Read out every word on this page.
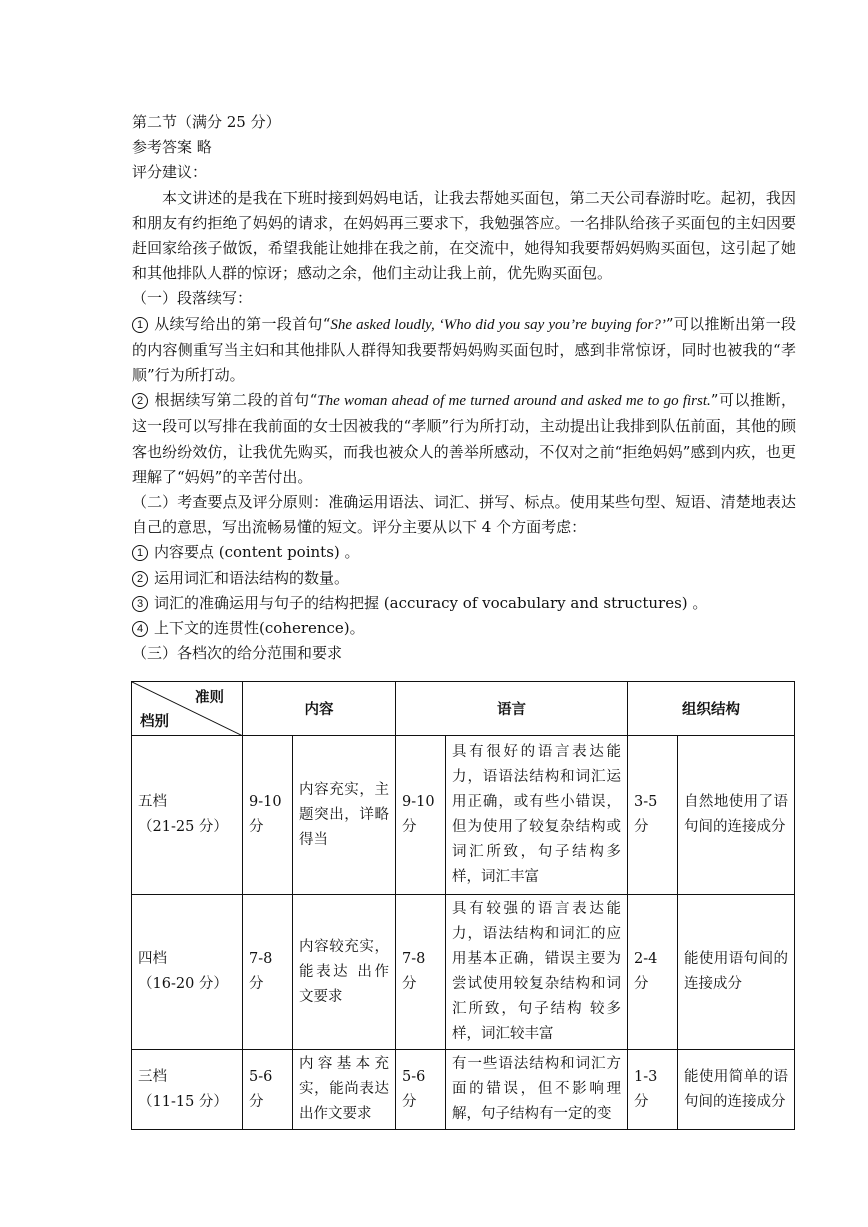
第二节（满分 25 分）

参考答案 略

评分建议：

本文讲述的是我在下班时接到妈妈电话，让我去帮她买面包，第二天公司春游时吃。起初，我因和朋友有约拒绝了妈妈的请求，在妈妈再三要求下，我勉强答应。一名排队给孩子买面包的主妇因要赶回家给孩子做饭，希望我能让她排在我之前，在交流中，她得知我要帮妈妈购买面包，这引起了她和其他排队人群的惊讶；感动之余，他们主动让我上前，优先购买面包。

（一）段落续写：

1 从续写给出的第一段首句“She asked loudly, ‘Who did you say you’re buying for?’”可以推断出第一段的内容侧重写当主妇和其他排队人群得知我要帮妈妈购买面包时，感到非常惊讶，同时也被我的“孝顺”行为所打动。

2 根据续写第二段的首句“The woman ahead of me turned around and asked me to go first.”可以推断，这一段可以写排在我前面的女士因被我的“孝顺”行为所打动，主动提出让我排到队伍前面，其他的顾客也纷纷效仿，让我优先购买，而我也被众人的善举所感动，不仅对之前“拒绝妈妈”感到内疚，也更理解了“妈妈”的辛苦付出。

（二）考查要点及评分原则：准确运用语法、词汇、拼写、标点。使用某些句型、短语、清楚地表达自己的意思，写出流畅易懂的短文。评分主要从以下 4 个方面考虑：

1 内容要点 (content points) 。

2 运用词汇和语法结构的数量。

3 词汇的准确运用与句子的结构把握 (accuracy of vocabulary and structures) 。

4 上下文的连贯性(coherence)。

（三）各档次的给分范围和要求

准则
档别	内容		语言		组织结构	
五档
（21-25 分）	9-10 分	内容充实，主题突出，详略得当	9-10 分	具有很好的语言表达能力，语语法结构和词汇运用正确，或有些小错误，但为使用了较复杂结构或词汇所致，句子结构多样，词汇丰富	3-5 分	自然地使用了语句间的连接成分
四档
（16-20 分）	7-8 分	内容较充实，能表达 出作文要求	7-8 分	具有较强的语言表达能力，语法结构和词汇的应用基本正确，错误主要为尝试使用较复杂结构和词汇所致，句子结构 较多样，词汇较丰富	2-4 分	能使用语句间的连接成分
三档
（11-15 分）	5-6 分	内容基本充实，能尚表达出作文要求	5-6 分	有一些语法结构和词汇方面的错误，但不影响理解，句子结构有一定的变	1-3 分	能使用简单的语句间的连接成分
